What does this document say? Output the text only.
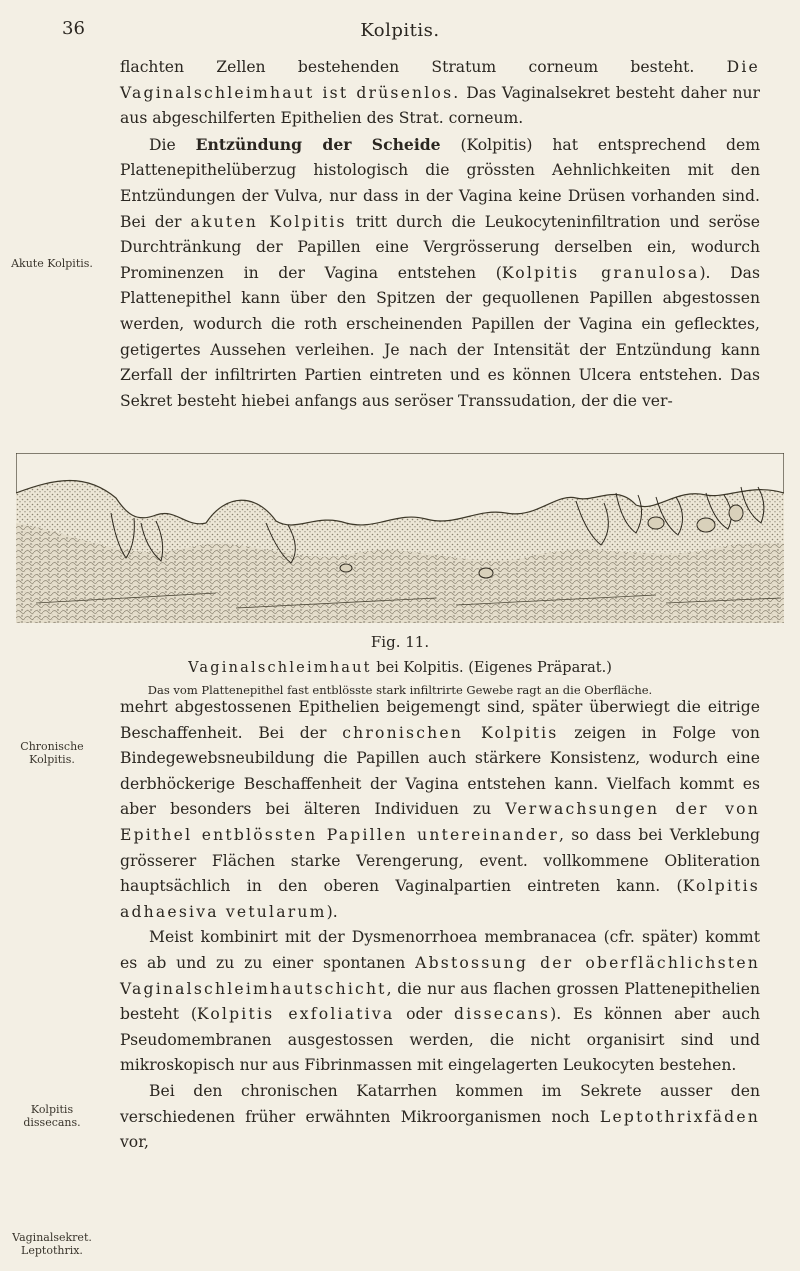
36	Kolpitis.

flachten Zellen bestehenden Stratum corneum besteht. Die Vaginalschleimhaut ist drüsenlos. Das Vaginalsekret besteht daher nur aus abgeschilferten Epithelien des Strat. corneum.

Die Entzündung der Scheide (Kolpitis) hat entsprechend dem Plattenepithelüberzug histologisch die grössten Aehnlichkeiten mit den Entzündungen der Vulva, nur dass in der Vagina keine Drüsen vorhanden sind. Bei der akuten Kolpitis tritt durch die Leukocyteninfiltration und seröse Durchtränkung der Papillen eine Vergrösserung derselben ein, wodurch Prominenzen in der Vagina entstehen (Kolpitis granulosa). Das Plattenepithel kann über den Spitzen der gequollenen Papillen abgestossen werden, wodurch die roth erscheinenden Papillen der Vagina ein geflecktes, getigertes Aussehen verleihen. Je nach der Intensität der Entzündung kann Zerfall der infiltrirten Partien eintreten und es können Ulcera entstehen. Das Sekret besteht hiebei anfangs aus seröser Transsudation, der die ver-

Akute Kolpitis.
Fig. 11.
Vaginalschleimhaut bei Kolpitis. (Eigenes Präparat.)
Das vom Plattenepithel fast entblösste stark infiltrirte Gewebe ragt an die Oberfläche.

mehrt abgestossenen Epithelien beigemengt sind, später überwiegt die eitrige Beschaffenheit. Bei der chronischen Kolpitis zeigen in Folge von Bindegewebsneubildung die Papillen auch stärkere Konsistenz, wodurch eine derbhöckerige Beschaffenheit der Vagina entstehen kann. Vielfach kommt es aber besonders bei älteren Individuen zu Verwachsungen der von Epithel entblössten Papillen untereinander, so dass bei Verklebung grösserer Flächen starke Verengerung, event. vollkommene Obliteration hauptsächlich in den oberen Vaginalpartien eintreten kann. (Kolpitis adhaesiva vetularum).

Meist kombinirt mit der Dysmenorrhoea membranacea (cfr. später) kommt es ab und zu zu einer spontanen Abstossung der oberflächlichsten Vaginalschleimhautschicht, die nur aus flachen grossen Plattenepithelien besteht (Kolpitis exfoliativa oder dissecans). Es können aber auch Pseudomembranen ausgestossen werden, die nicht organisirt sind und mikroskopisch nur aus Fibrinmassen mit eingelagerten Leukocyten bestehen.

Bei den chronischen Katarrhen kommen im Sekrete ausser den verschiedenen früher erwähnten Mikroorganismen noch Leptothrixfäden vor,

Chronische Kolpitis.
Kolpitis dissecans.
Vaginalsekret. Leptothrix.
